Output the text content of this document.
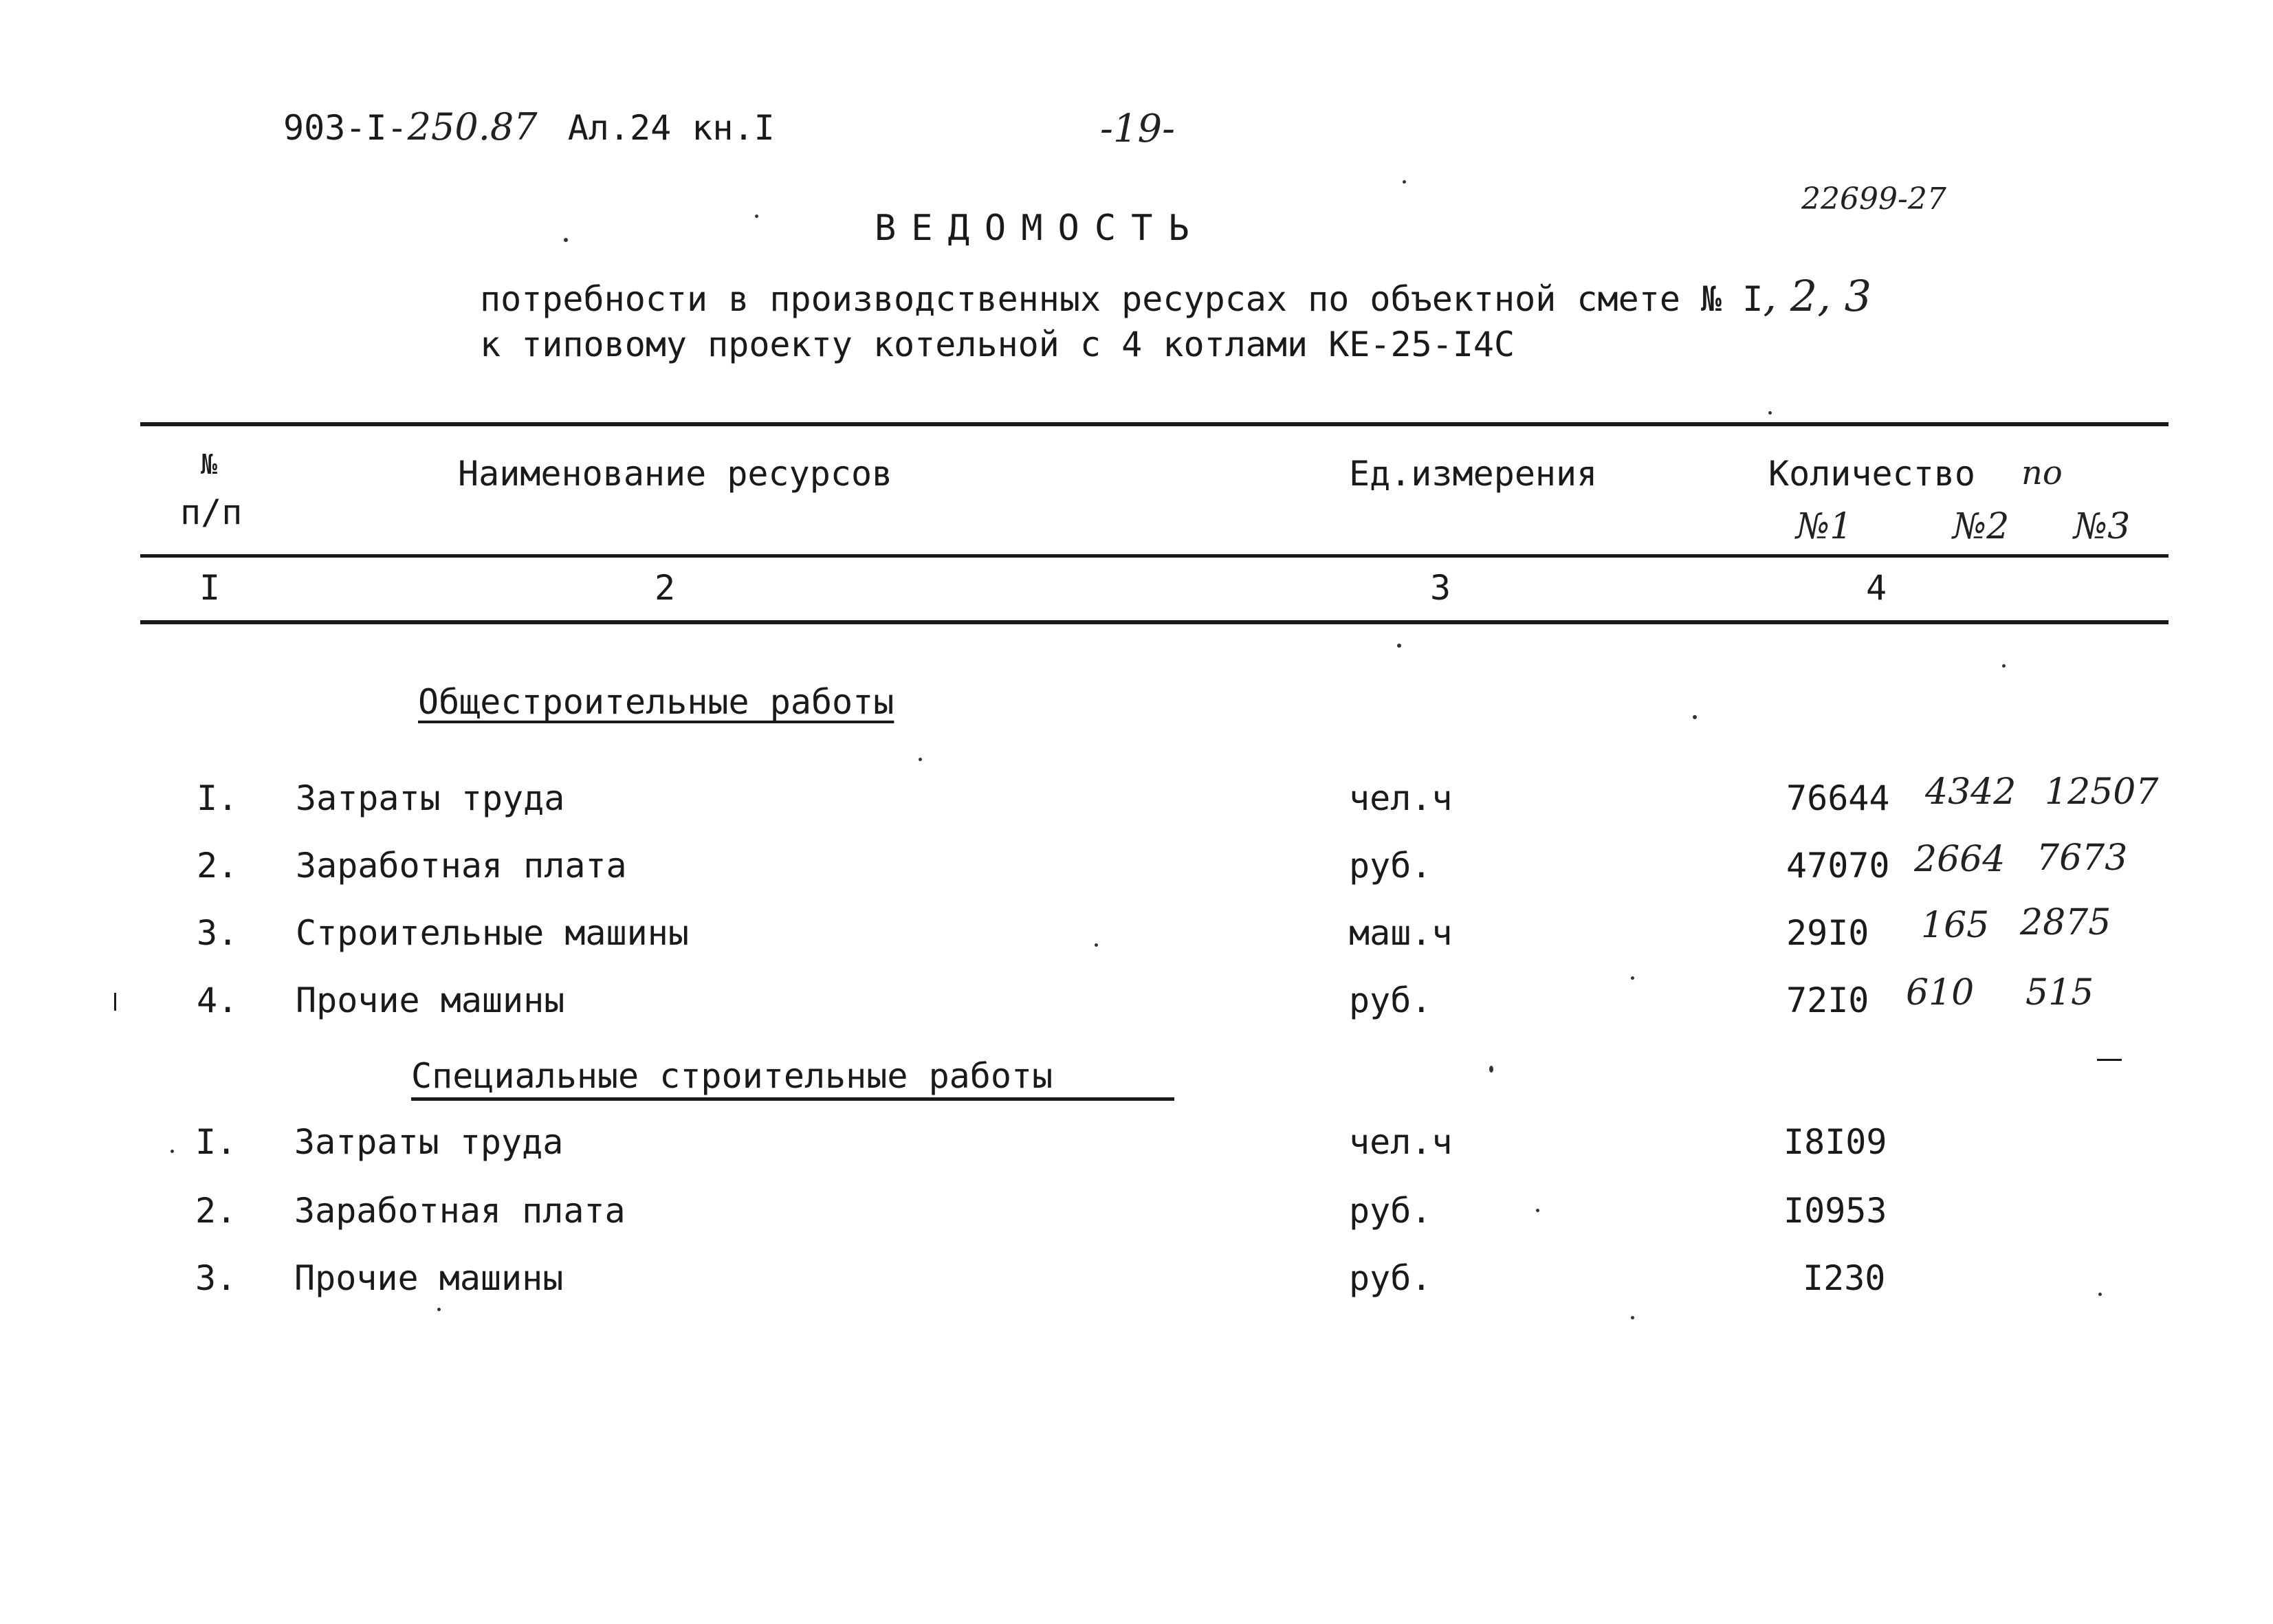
903-I-250.87 Ал.24 кн.I	-19-
22699-27
ВЕДОМОСТЬ
потребности в производственных ресурсах по объектной смете № I, 2, 3
к типовому проекту котельной с 4 котлами КЕ-25-I4С
№
п/п
Наименование ресурсов	Ед.измерения	Количество по
№1	№2 №3
I	2	3	4
Общестроительные работы
I. Затраты труда	чел.ч	76644 4342 12507
2. Заработная плата	руб.	47070 2664 7673
3. Строительные машины	маш.ч	29I0 165 2875
4. Прочие машины	руб.	72I0 610 515
Специальные строительные работы
I. Затраты труда	чел.ч	I8I09
2. Заработная плата	руб.	I0953
3. Прочие машины	руб.	I230
